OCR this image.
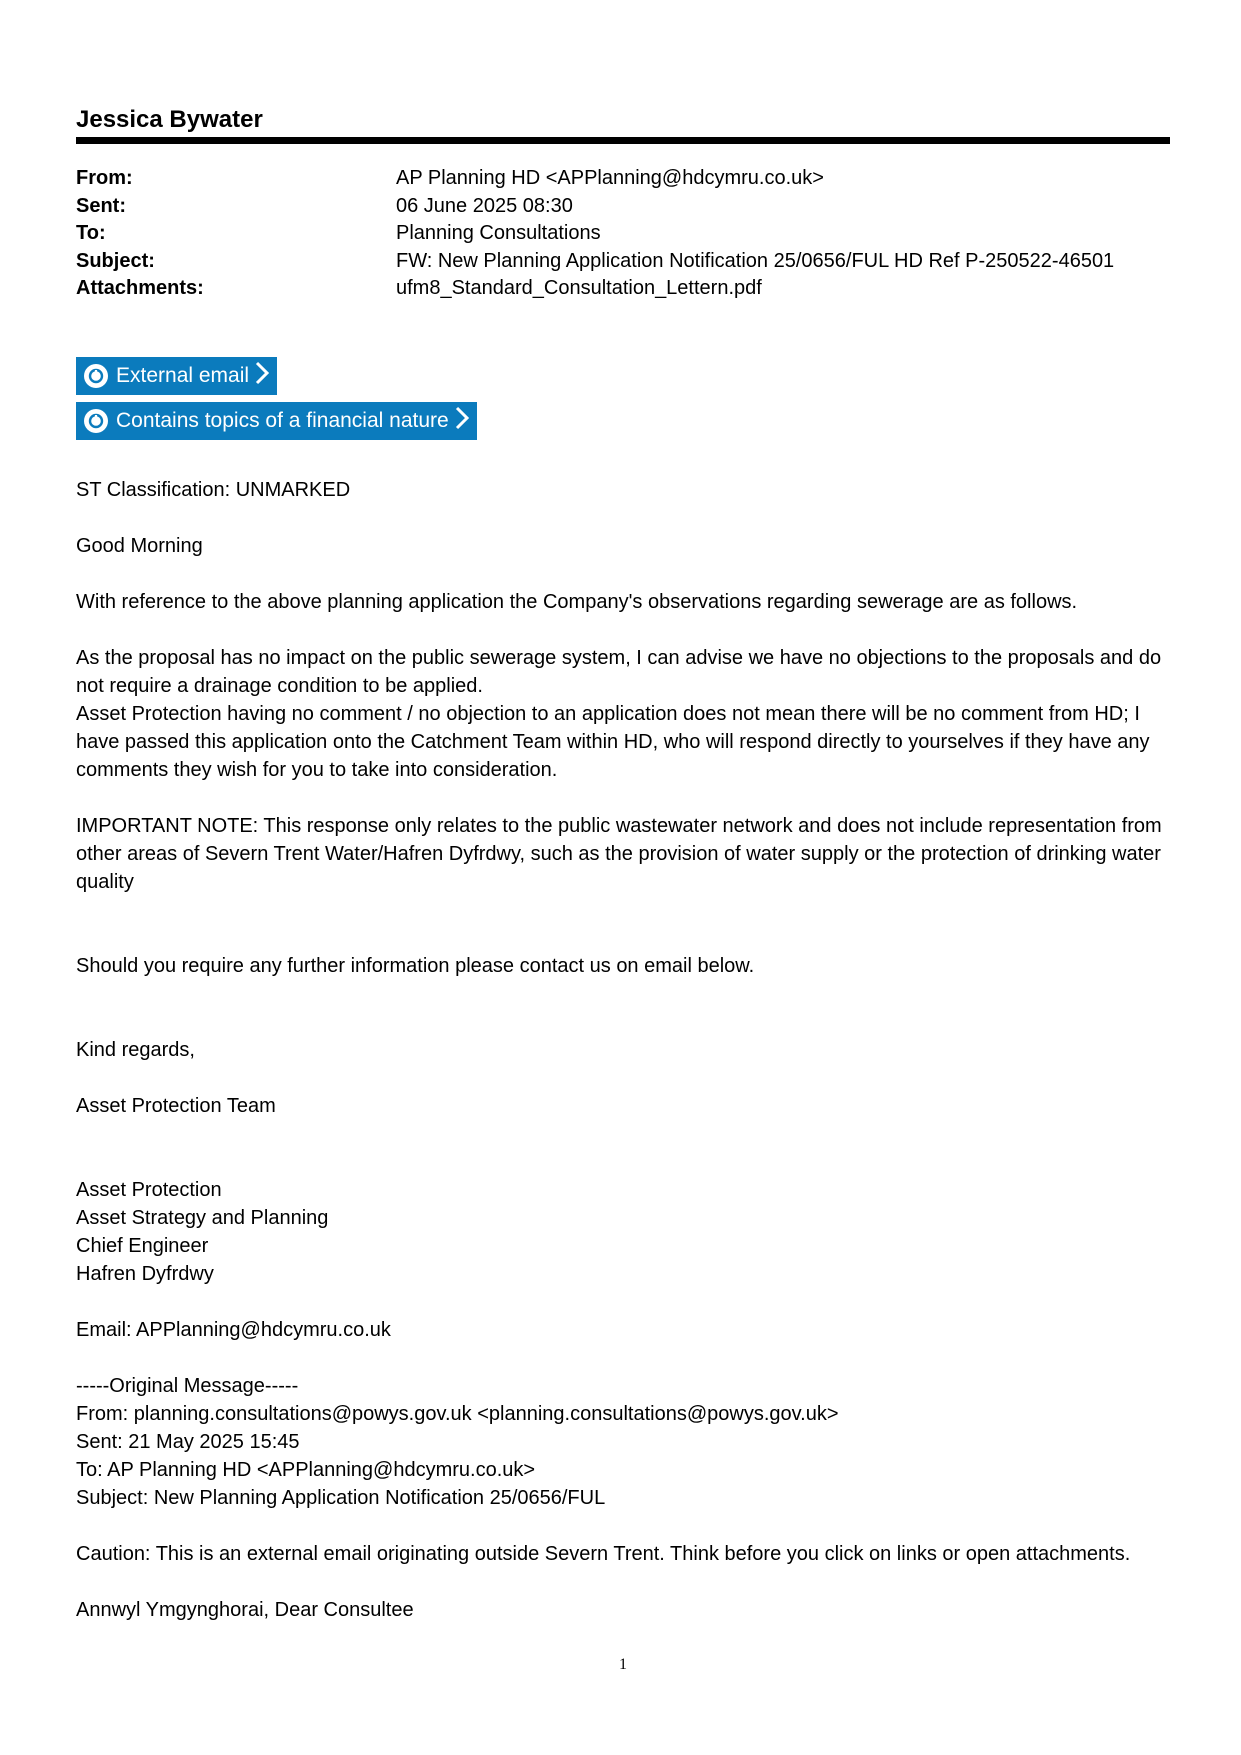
Jessica Bywater
From:	AP Planning HD <APPlanning@hdcymru.co.uk>
Sent:	06 June 2025 08:30
To:	Planning Consultations
Subject:	FW: New Planning Application Notification 25/0656/FUL HD Ref P-250522-46501
Attachments:	ufm8_Standard_Consultation_Lettern.pdf
External email
Contains topics of a financial nature

ST Classification: UNMARKED

Good Morning

With reference to the above planning application the Company's observations regarding sewerage are as follows.

As the proposal has no impact on the public sewerage system, I can advise we have no objections to the proposals and do not require a drainage condition to be applied.

Asset Protection having no comment / no objection to an application does not mean there will be no comment from HD; I have passed this application onto the Catchment Team within HD, who will respond directly to yourselves if they have any comments they wish for you to take into consideration.

IMPORTANT NOTE: This response only relates to the public wastewater network and does not include representation from other areas of Severn Trent Water/Hafren Dyfrdwy, such as the provision of water supply or the protection of drinking water quality

Should you require any further information please contact us on email below.

Kind regards,

Asset Protection Team

Asset Protection

Asset Strategy and Planning

Chief Engineer

Hafren Dyfrdwy

Email: APPlanning@hdcymru.co.uk

-----Original Message-----

From: planning.consultations@powys.gov.uk <planning.consultations@powys.gov.uk>

Sent: 21 May 2025 15:45

To: AP Planning HD <APPlanning@hdcymru.co.uk>

Subject: New Planning Application Notification 25/0656/FUL

Caution: This is an external email originating outside Severn Trent. Think before you click on links or open attachments.

Annwyl Ymgynghorai, Dear Consultee

1
